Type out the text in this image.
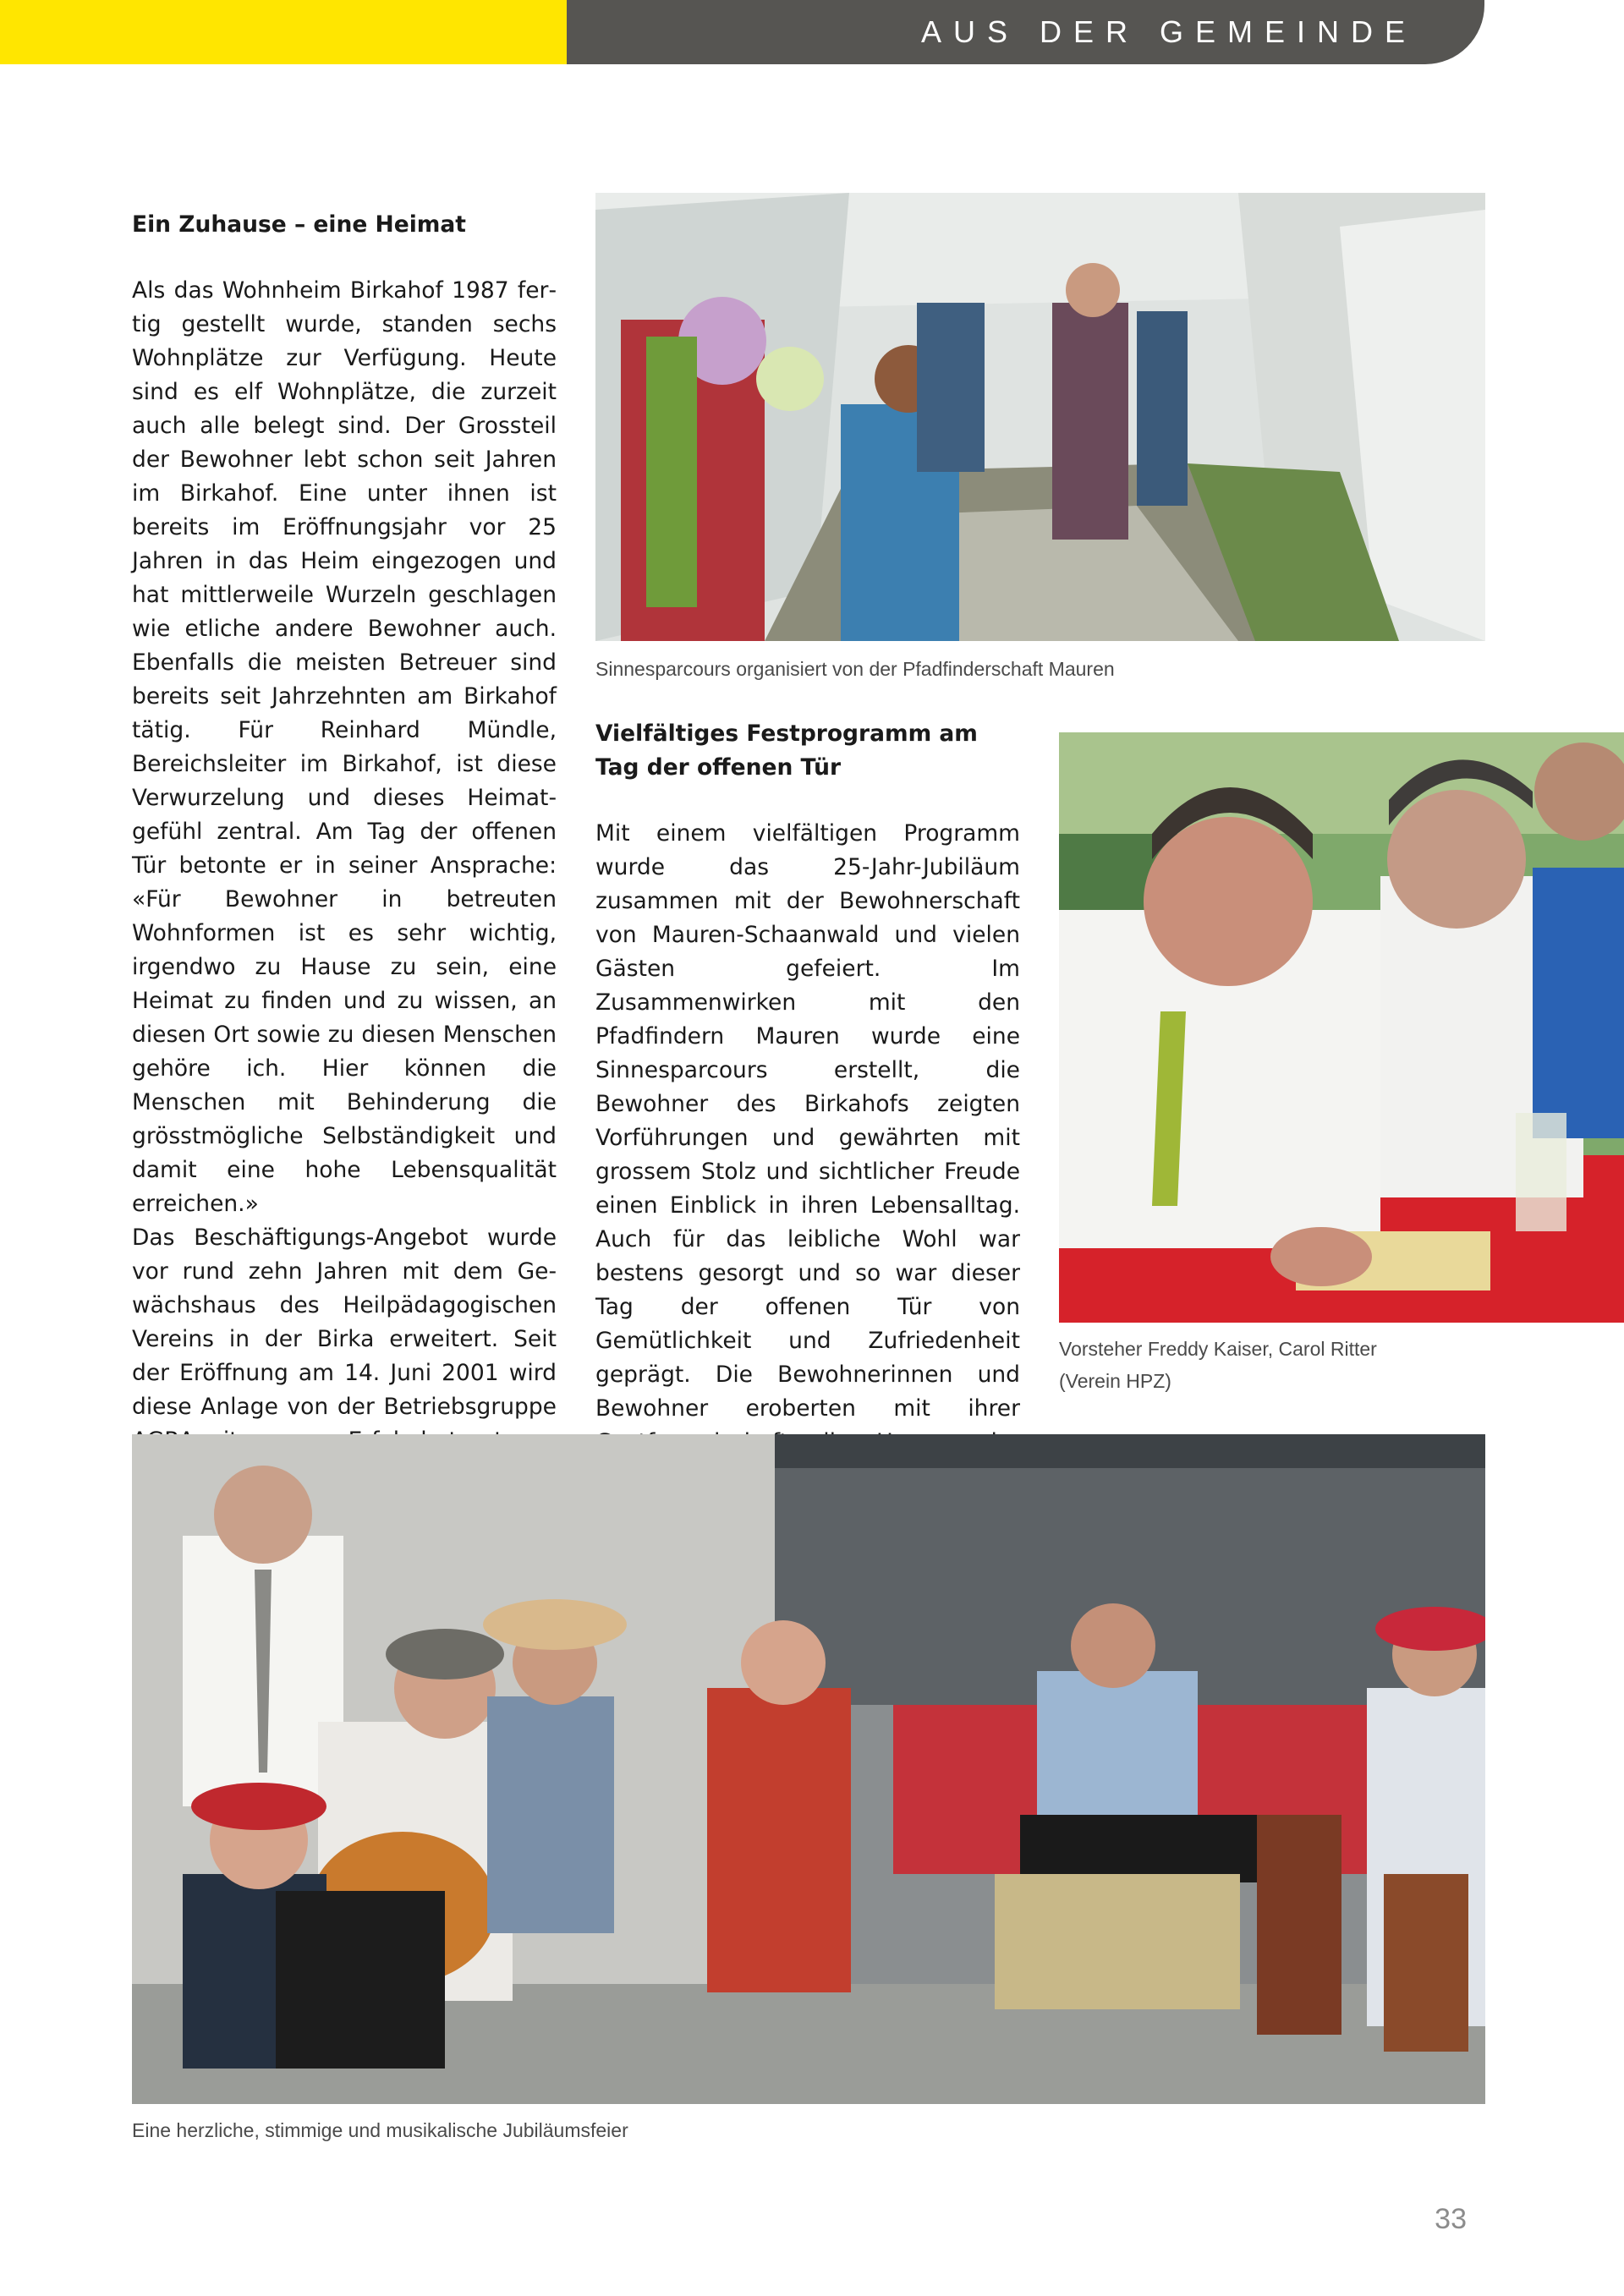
AUS DER GEMEINDE
Ein Zuhause – eine Heimat

Als das Wohnheim Birkahof 1987 fertig gestellt wurde, standen sechs Wohnplätze zur Verfügung. Heute sind es elf Wohnplätze, die zurzeit auch alle belegt sind. Der Grossteil der Bewohner lebt schon seit Jahren im Birkahof. Eine unter ihnen ist bereits im Eröffnungsjahr vor 25 Jahren in das Heim eingezogen und hat mittlerweile Wurzeln geschlagen wie etliche andere Bewohner auch. Ebenfalls die meisten Betreuer sind bereits seit Jahrzehnten am Birkahof tätig. Für Reinhard Mündle, Bereichsleiter im Birkahof, ist diese Verwurzelung und dieses Heimatgefühl zentral. Am Tag der offenen Tür betonte er in seiner Ansprache: «Für Bewohner in betreuten Wohnformen ist es sehr wichtig, irgendwo zu Hause zu sein, eine Heimat zu finden und zu wissen, an diesen Ort sowie zu diesen Menschen gehöre ich. Hier können die Menschen mit Behinderung die grösstmögliche Selbständigkeit und damit eine hohe Lebensqualität erreichen.»

Das Beschäftigungs-Angebot wurde vor rund zehn Jahren mit dem Gewächshaus des Heilpädagogischen Vereins in der Birka erweitert. Seit der Eröffnung am 14. Juni 2001 wird diese Anlage von der Betriebsgruppe

Sinnesparcours organisiert von der Pfadfinderschaft Mauren
Vielfältiges Festprogramm am Tag der offenen Tür

Mit einem vielfältigen Programm wurde das 25-Jahr-Jubiläum zusammen mit der Bewohnerschaft von Mauren-Schaanwald und vielen Gästen gefeiert. Im Zusammenwirken mit den Pfadfindern Mauren wurde eine Sinnesparcours erstellt, die Bewohner des Birkahofs zeigten Vorführungen und gewährten mit grossem Stolz und sichtlicher Freude einen Einblick in ihren Lebensalltag. Auch für das leibliche Wohl war bestens gesorgt und so war dieser Tag der offenen Tür von Gemütlichkeit und Zufriedenheit geprägt. Die Bewohnerinnen und Bewohner eroberten mit ihrer

Vorsteher Freddy Kaiser, Carol Ritter (Verein HPZ)
Eine herzliche, stimmige und musikalische Jubiläumsfeier
33
